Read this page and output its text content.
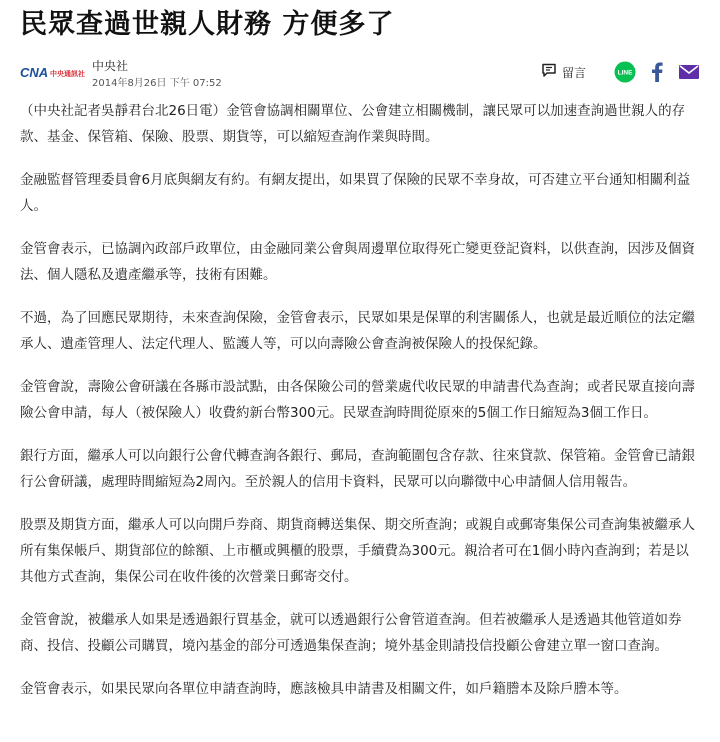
民眾查過世親人財務 方便多了
CNA 中央通訊社
中央社
2014年8月26日 下午 07:52
留言	LINE

（中央社記者吳靜君台北26日電）金管會協調相關單位、公會建立相關機制，讓民眾可以加速查詢過世親人的存款、基金、保管箱、保險、股票、期貨等，可以縮短查詢作業與時間。

金融監督管理委員會6月底與網友有約。有網友提出，如果買了保險的民眾不幸身故，可否建立平台通知相關利益人。

金管會表示，已協調內政部戶政單位，由金融同業公會與周邊單位取得死亡變更登記資料，以供查詢，因涉及個資法、個人隱私及遺產繼承等，技術有困難。

不過，為了回應民眾期待，未來查詢保險，金管會表示，民眾如果是保單的利害關係人，也就是最近順位的法定繼承人、遺產管理人、法定代理人、監護人等，可以向壽險公會查詢被保險人的投保紀錄。

金管會說，壽險公會研議在各縣市設試點，由各保險公司的營業處代收民眾的申請書代為查詢；或者民眾直接向壽險公會申請，每人（被保險人）收費約新台幣300元。民眾查詢時間從原來的5個工作日縮短為3個工作日。

銀行方面，繼承人可以向銀行公會代轉查詢各銀行、郵局，查詢範圍包含存款、往來貸款、保管箱。金管會已請銀行公會研議，處理時間縮短為2周內。至於親人的信用卡資料，民眾可以向聯徵中心申請個人信用報告。

股票及期貨方面，繼承人可以向開戶券商、期貨商轉送集保、期交所查詢；或親自或郵寄集保公司查詢集被繼承人所有集保帳戶、期貨部位的餘額、上市櫃或興櫃的股票，手續費為300元。親洽者可在1個小時內查詢到；若是以其他方式查詢，集保公司在收件後的次營業日郵寄交付。

金管會說，被繼承人如果是透過銀行買基金，就可以透過銀行公會管道查詢。但若被繼承人是透過其他管道如券商、投信、投顧公司購買，境內基金的部分可透過集保查詢；境外基金則請投信投顧公會建立單一窗口查詢。

金管會表示，如果民眾向各單位申請查詢時，應該檢具申請書及相關文件，如戶籍謄本及除戶謄本等。
